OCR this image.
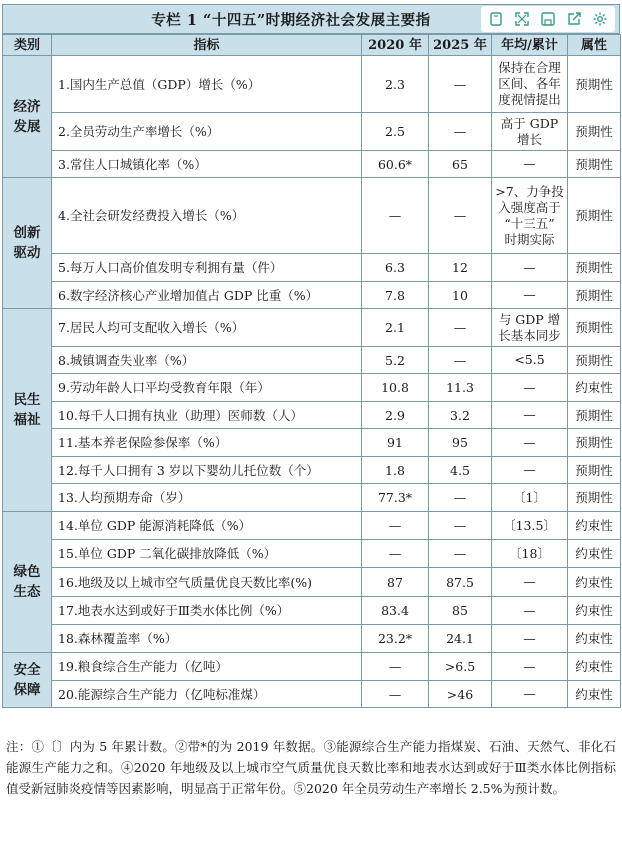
专栏 1 “十四五”时期经济社会发展主要指
类别	指标	2020 年	2025 年	年均/累计	属性
经济
发展	1.国内生产总值（GDP）增长（%）	2.3	—	保持在合理
区间、各年
度视情提出	预期性
	2.全员劳动生产率增长（%）	2.5	—	高于 GDP
增长	预期性
	3.常住人口城镇化率（%）	60.6*	65	—	预期性
创新
驱动	4.全社会研发经费投入增长（%）	—	—	>7、力争投
入强度高于
“十三五”
时期实际	预期性
	5.每万人口高价值发明专利拥有量（件）	6.3	12	—	预期性
	6.数字经济核心产业增加值占 GDP 比重（%）	7.8	10	—	预期性
民生
福祉	7.居民人均可支配收入增长（%）	2.1	—	与 GDP 增
长基本同步	预期性
	8.城镇调查失业率（%）	5.2	—	<5.5	预期性
	9.劳动年龄人口平均受教育年限（年）	10.8	11.3	—	约束性
	10.每千人口拥有执业（助理）医师数（人）	2.9	3.2	—	预期性
	11.基本养老保险参保率（%）	91	95	—	预期性
	12.每千人口拥有 3 岁以下婴幼儿托位数（个）	1.8	4.5	—	预期性
	13.人均预期寿命（岁）	77.3*	—	〔1〕	预期性
绿色
生态	14.单位 GDP 能源消耗降低（%）	—	—	〔13.5〕	约束性
	15.单位 GDP 二氧化碳排放降低（%）	—	—	〔18〕	约束性
	16.地级及以上城市空气质量优良天数比率(%)	87	87.5	—	约束性
	17.地表水达到或好于Ⅲ类水体比例（%）	83.4	85	—	约束性
	18.森林覆盖率（%）	23.2*	24.1	—	约束性
安全
保障	19.粮食综合生产能力（亿吨）	—	>6.5	—	约束性
	20.能源综合生产能力（亿吨标准煤）	—	>46	—	约束性
注：①〔〕内为 5 年累计数。②带*的为 2019 年数据。③能源综合生产能力指煤炭、石油、天然气、非化石能源生产能力之和。④2020 年地级及以上城市空气质量优良天数比率和地表水达到或好于Ⅲ类水体比例指标值受新冠肺炎疫情等因素影响，明显高于正常年份。⑤2020 年全员劳动生产率增长 2.5%为预计数。
